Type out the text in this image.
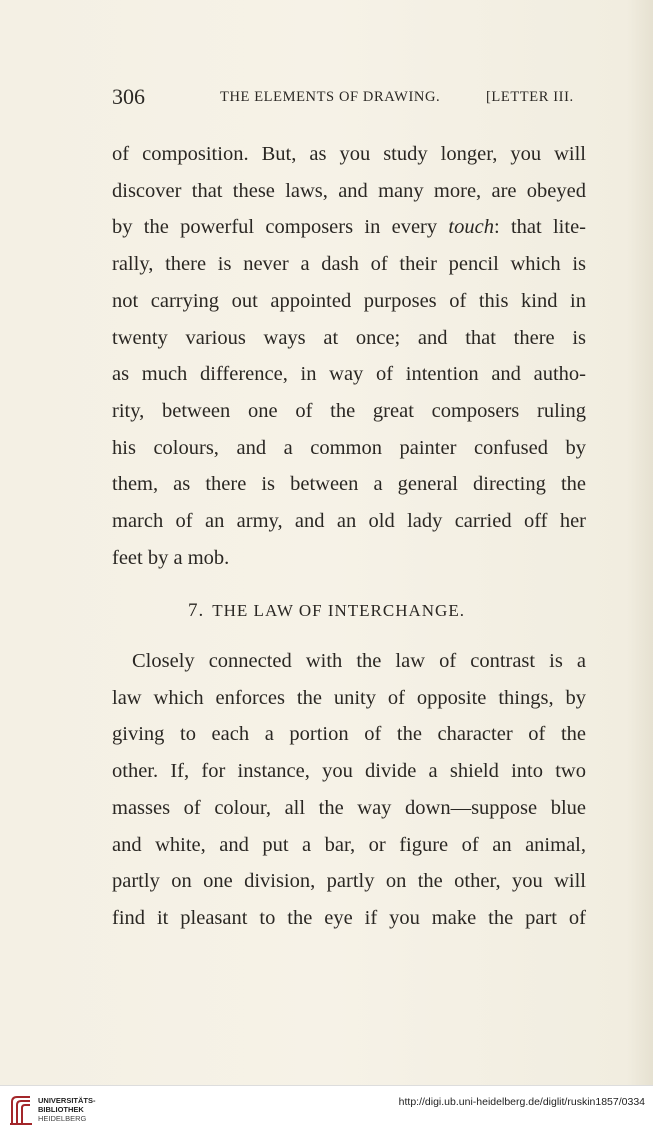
306	THE ELEMENTS OF DRAWING.	[LETTER III.
of composition. But, as you study longer, you will
discover that these laws, and many more, are obeyed
by the powerful composers in every touch: that lite-
rally, there is never a dash of their pencil which is
not carrying out appointed purposes of this kind in
twenty various ways at once; and that there is
as much difference, in way of intention and autho-
rity, between one of the great composers ruling
his colours, and a common painter confused by
them, as there is between a general directing the
march of an army, and an old lady carried off her
feet by a mob.
7. THE LAW OF INTERCHANGE.
Closely connected with the law of contrast is a
law which enforces the unity of opposite things, by
giving to each a portion of the character of the
other. If, for instance, you divide a shield into two
masses of colour, all the way down—suppose blue
and white, and put a bar, or figure of an animal,
partly on one division, partly on the other, you will
find it pleasant to the eye if you make the part of
UNIVERSITÄTS-
BIBLIOTHEK
HEIDELBERG
http://digi.ub.uni-heidelberg.de/diglit/ruskin1857/0334
